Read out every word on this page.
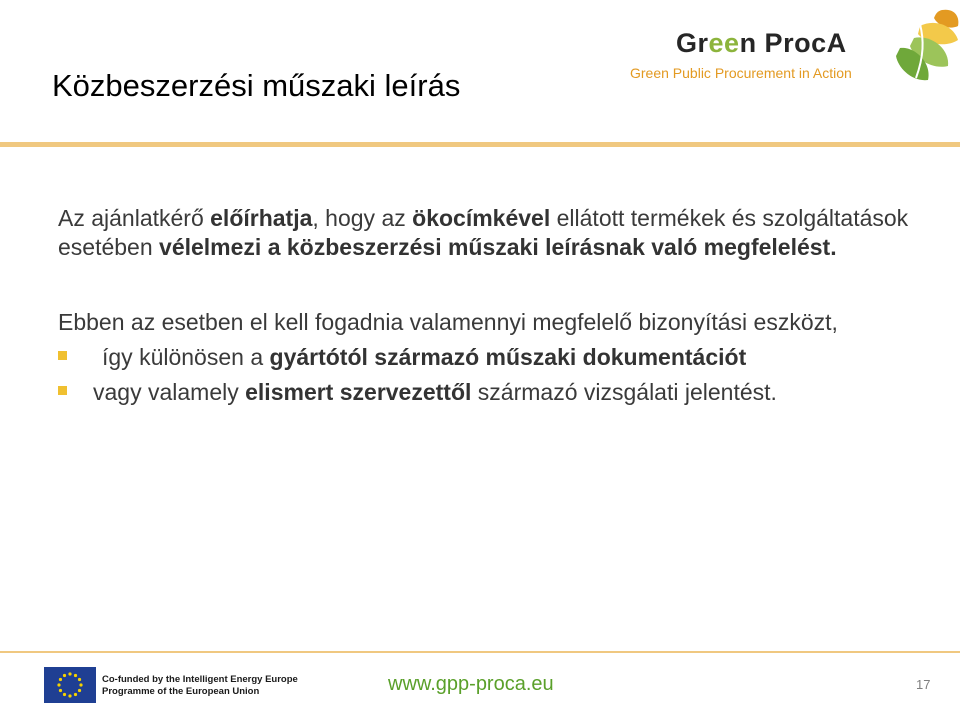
Közbeszerzési műszaki leírás
Green ProcA
Green Public Procurement in Action

Az ajánlatkérő előírhatja, hogy az ökocímkével ellátott termékek és szolgáltatások esetében vélelmezi a közbeszerzési műszaki leírásnak való megfelelést.

Ebben az esetben el kell fogadnia valamennyi megfelelő bizonyítási eszközt,

így különösen a gyártótól származó műszaki dokumentációt
vagy valamely elismert szervezettől származó vizsgálati jelentést.
Co-funded by the Intelligent Energy Europe
Programme of the European Union	www.gpp-proca.eu	17
